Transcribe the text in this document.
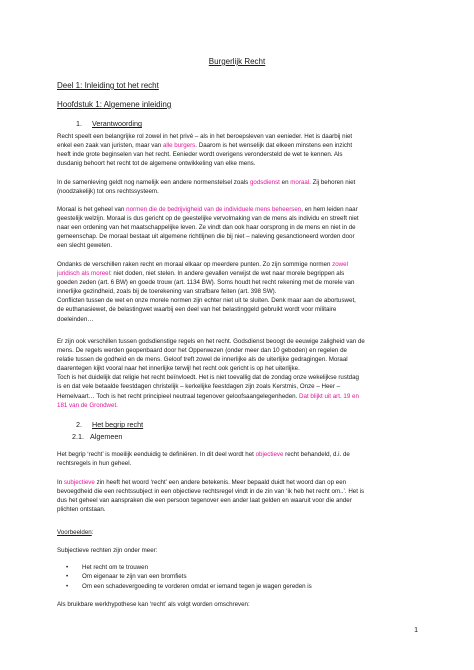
Burgerlijk Recht
Deel 1: Inleiding tot het recht
Hoofdstuk 1: Algemene inleiding
1. Verantwoording

Recht speelt een belangrijke rol zowel in het privé – als in het beroepsleven van eenieder. Het is daarbij niet

enkel een zaak van juristen, maar van alle burgers. Daarom is het wenselijk dat elkeen minstens een inzicht

heeft inde grote beginselen van het recht. Eenieder wordt overigens verondersteld de wet te kennen. Als

dusdanig behoort het recht tot de algemene ontwikkeling van elke mens.

In de samenleving geldt nog namelijk een andere normenstelsel zoals godsdienst en moraal. Zij behoren niet

(noodzakelijk) tot ons rechtssysteem.

Moraal is het geheel van normen die de bedrijvigheid van de individuele mens beheersen, en hem leiden naar

geestelijk welzijn. Moraal is dus gericht op de geestelijke vervolmaking van de mens als individu en streeft niet

naar een ordening van het maatschappelijke leven. Ze vindt dan ook haar oorsprong in de mens en niet in de

gemeenschap. De moraal bestaat uit algemene richtlijnen die bij niet – naleving gesanctioneerd worden door

een slecht geweten.

Ondanks de verschillen raken recht en moraal elkaar op meerdere punten. Zo zijn sommige normen zowel

juridisch als moreel: niet doden, niet stelen. In andere gevallen verwijst de wet naar morele begrippen als

goeden zeden (art. 6 BW) en goede trouw (art. 1134 BW). Soms houdt het recht rekening met de morele van

innerlijke gezindheid, zoals bij de toerekening van strafbare feiten (art. 398 SW).

Conflicten tussen de wet en onze morele normen zijn echter niet uit te sluiten. Denk maar aan de abortuswet,

de euthanasiewet, de belastingwet waarbij een deel van het belastinggeld gebruikt wordt voor militaire

doeleinden…

Er zijn ook verschillen tussen godsdienstige regels en het recht. Godsdienst beoogt de eeuwige zaligheid van de

mens. De regels werden geopenbaard door het Opperwezen (onder meer dan 10 geboden) en regelen de

relatie tussen de godheid en de mens. Geloof treft zowel de innerlijke als de uiterlijke gedragingen. Moraal

daarentegen kijkt vooral naar het innerlijke terwijl het recht ook gericht is op het uiterlijke.

Toch is het duidelijk dat religie het recht beïnvloedt. Het is niet toevallig dat de zondag onze wekelijkse rustdag

is en dat vele betaalde feestdagen christelijk – kerkelijke feestdagen zijn zoals Kerstmis, Onze – Heer –

Hemelvaart… Toch is het recht principieel neutraal tegenover geloofsaangelegenheden. Dat blijkt uit art. 19 en

181 van de Grondwet.

2. Het begrip recht
2.1. Algemeen

Het begrip ‘recht’ is moeilijk eenduidig te definiëren. In dit deel wordt het objectieve recht behandeld, d.i. de

rechtsregels in hun geheel.

In subjectieve zin heeft het woord ‘recht’ een andere betekenis. Meer bepaald duidt het woord dan op een

bevoegdheid die een rechtssubject in een objectieve rechtsregel vindt in de zin van ‘ik heb het recht om..’. Het is

dus het geheel van aanspraken die een persoon tegenover een ander laat gelden en waaruit voor die ander

plichten ontstaan.

Voorbeelden:

Subjectieve rechten zijn onder meer:

• Het recht om te trouwen
• Om eigenaar te zijn van een bromfiets
• Om een schadevergoeding te vorderen omdat er iemand tegen je wagen gereden is

Als bruikbare werkhypothese kan ‘recht’ als volgt worden omschreven:

1
